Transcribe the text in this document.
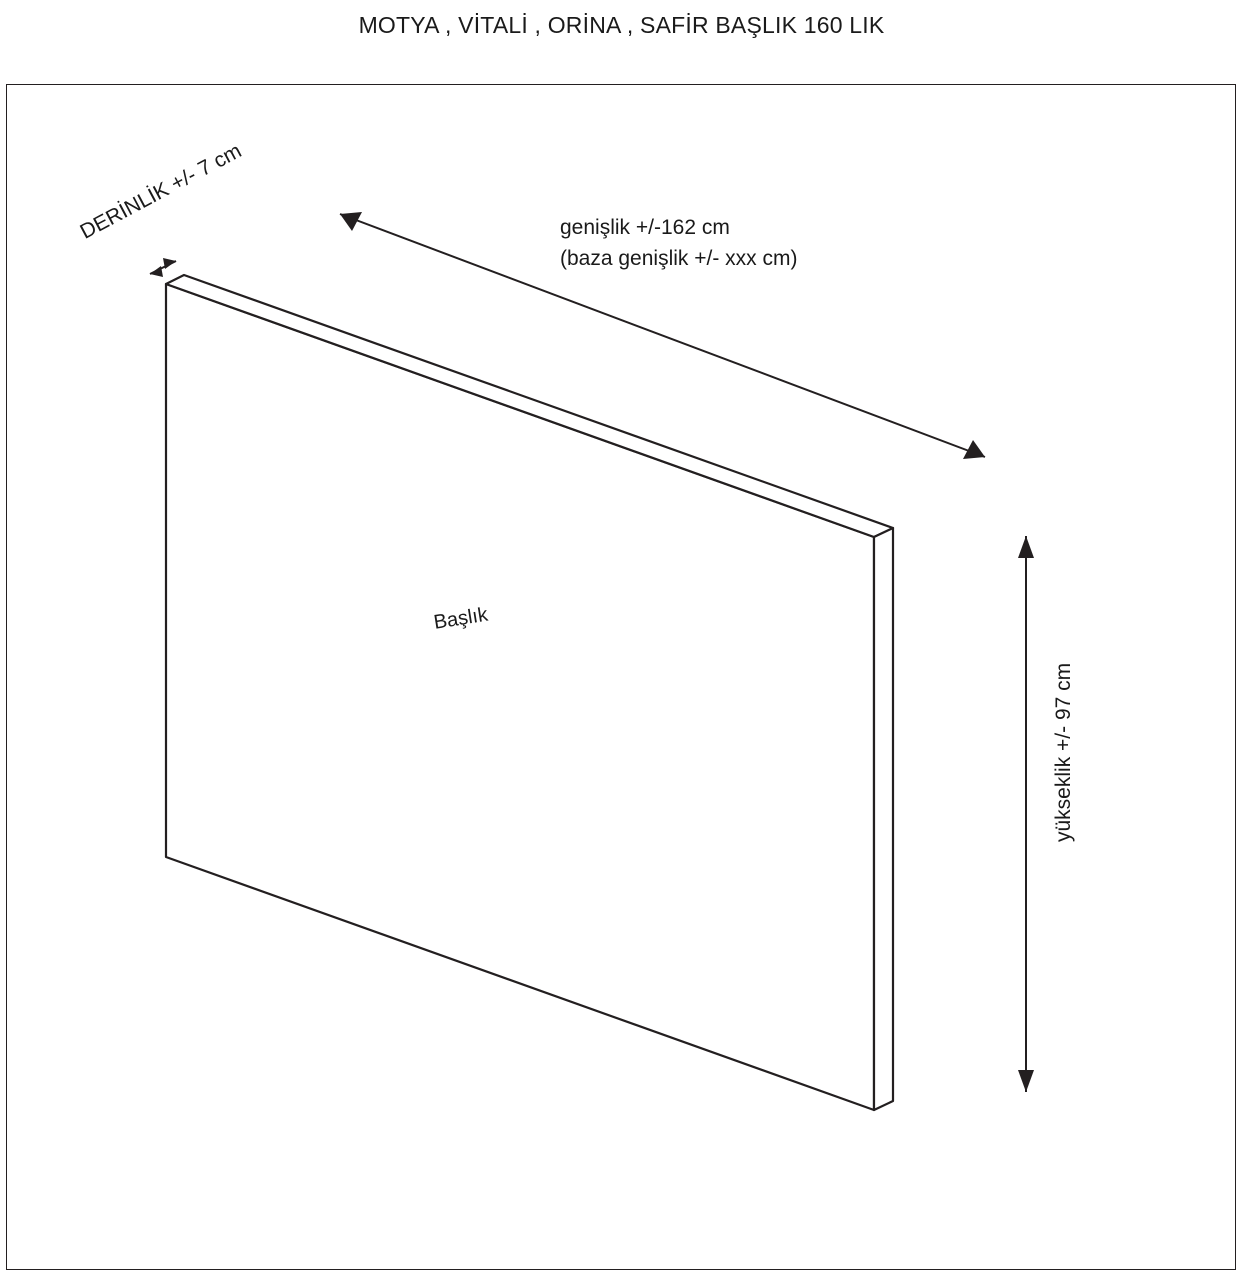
MOTYA , VİTALİ , ORİNA , SAFİR BAŞLIK 160 LIK
genişlik +/-162 cm
(baza genişlik +/- xxx cm)
DERİNLİK +/- 7 cm
yükseklik +/- 97 cm
Başlık
